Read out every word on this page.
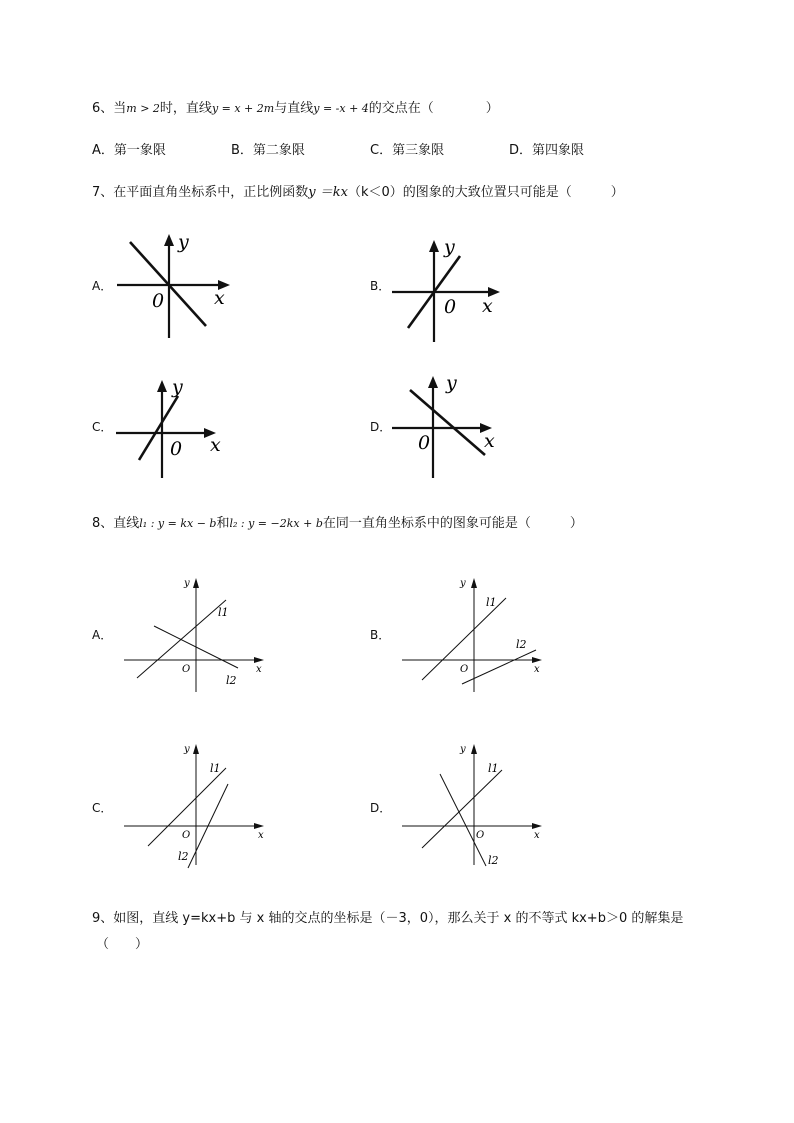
6、当m > 2时，直线y = x + 2m与直线y = -x + 4的交点在（　　　　）
A．第一象限	B．第二象限	C．第三象限	D．第四象限
7、在平面直角坐标系中，正比例函数y ＝kx（k＜0）的图象的大致位置只可能是（　　　）
A．	B．
C．	D．
y
x
0
y
x
0
y
x
0
y
x
0
8、直线l₁ : y = kx − b和l₂ : y = −2kx + b在同一直角坐标系中的图象可能是（　　　）
A．	B．
C．	D．
y
x
O
l1
l2
y
x
O
l1
l2
y
x
O
l1
l2
y
x
O
l1
l2
9、如图，直线 y=kx+b 与 x 轴的交点的坐标是（－3，0），那么关于 x 的不等式 kx+b＞0 的解集是
（　　）
